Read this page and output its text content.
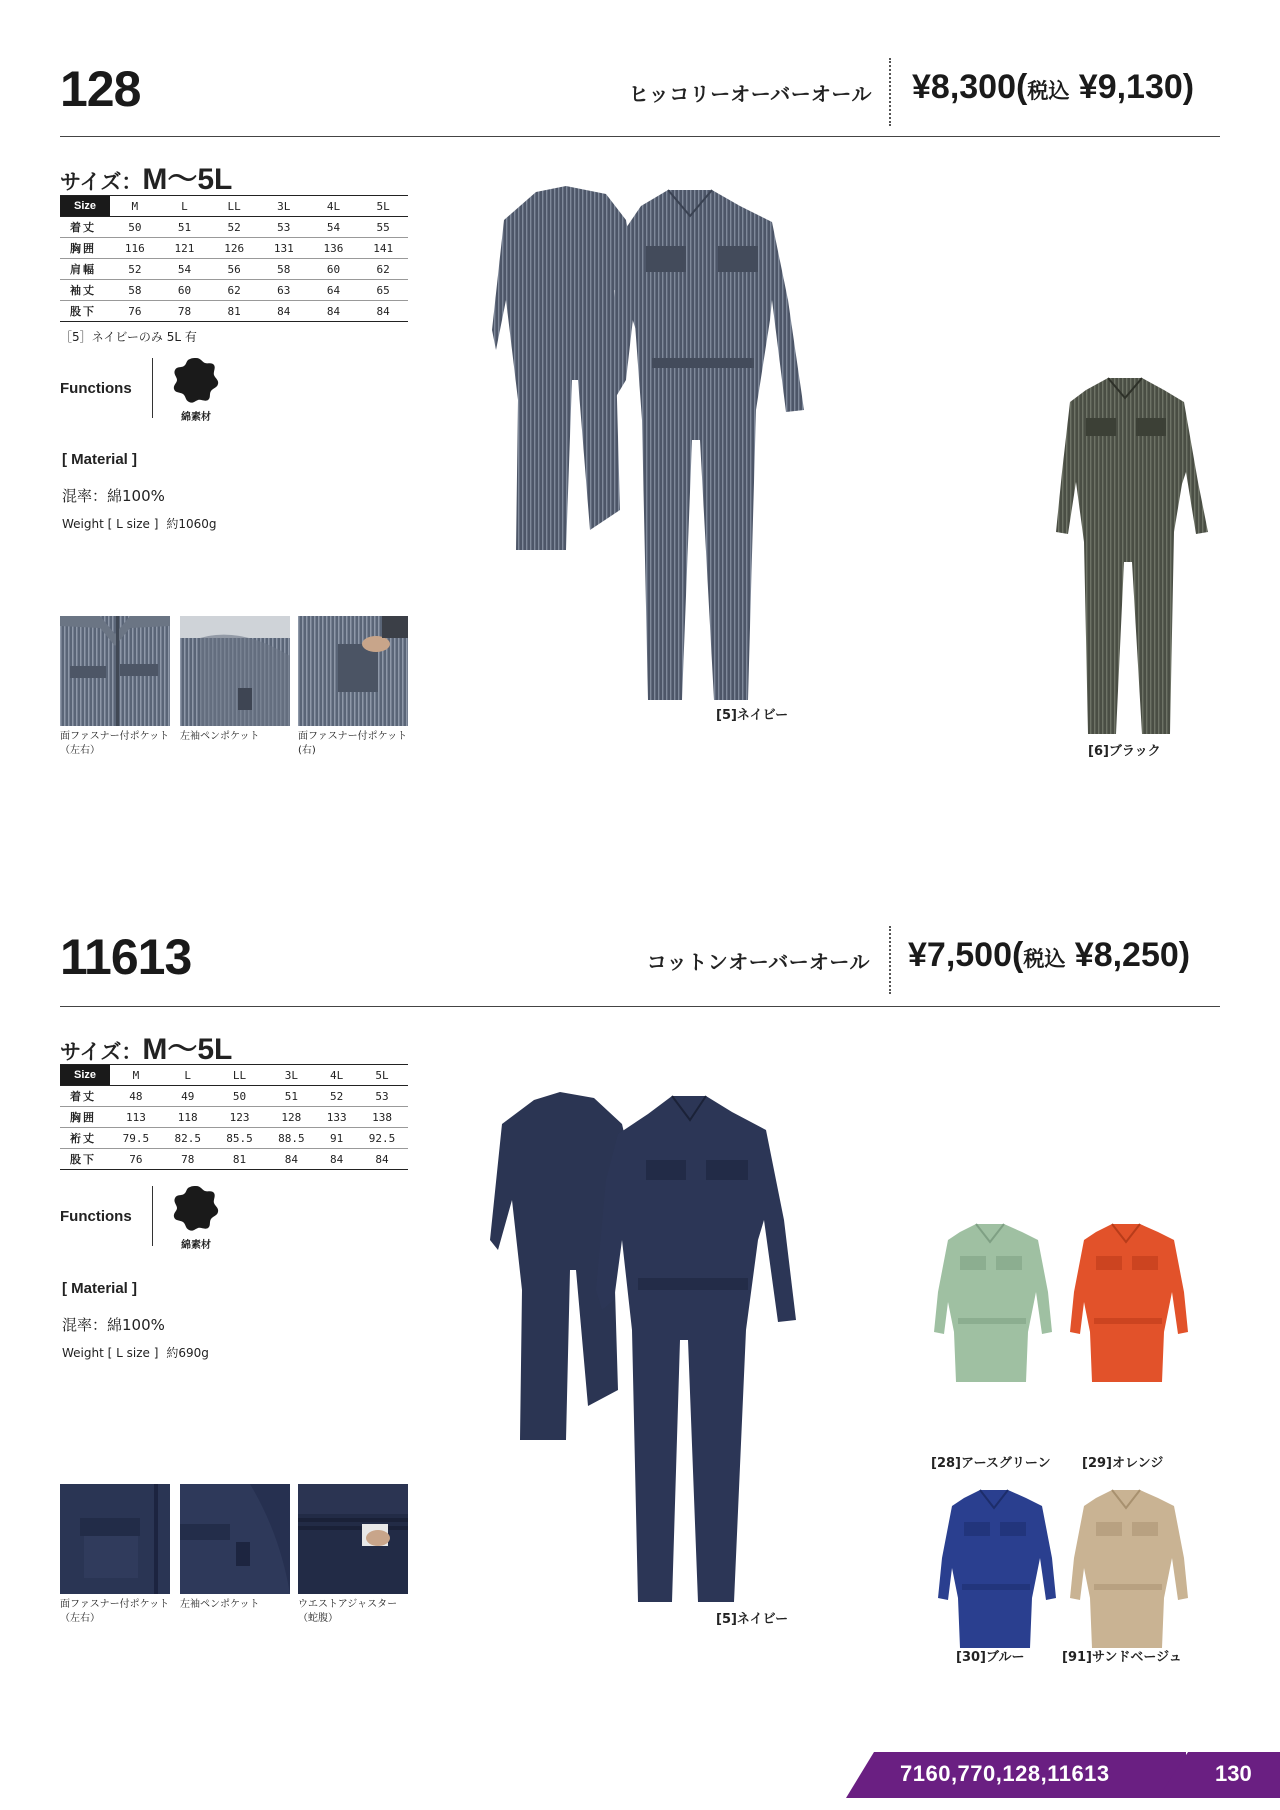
128	ヒッコリーオーバーオール ¥8,300(税込 ¥9,130)
サイズ：M〜5L
Size	M	L	LL	3L	4L	5L
着丈	50	51	52	53	54	55
胸囲	116	121	126	131	136	141
肩幅	52	54	56	58	60	62
袖丈	58	60	62	63	64	65
股下	76	78	81	84	84	84
［5］ネイビーのみ 5L 有
Functions
綿素材
[ Material ]
混率：綿100%
Weight [ L size ] 約1060g
面ファスナー付ポケット（左右）
左袖ペンポケット	面ファスナー付ポケット(右)
[5]ネイビー
[6]ブラック
11613	コットンオーバーオール ¥7,500(税込 ¥8,250)
サイズ：M〜5L
Size	M	L	LL	3L	4L	5L
着丈	48	49	50	51	52	53
胸囲	113	118	123	128	133	138
裄丈	79.5	82.5	85.5	88.5	91	92.5
股下	76	78	81	84	84	84
Functions
綿素材
[ Material ]
混率：綿100%
Weight [ L size ] 約690g
面ファスナー付ポケット（左右）
左袖ペンポケット	ウエストアジャスター（蛇腹）	[5]ネイビー
[28]アースグリーン [29]オレンジ
[30]ブルー	[91]サンドベージュ
7160,770,128,11613	130
